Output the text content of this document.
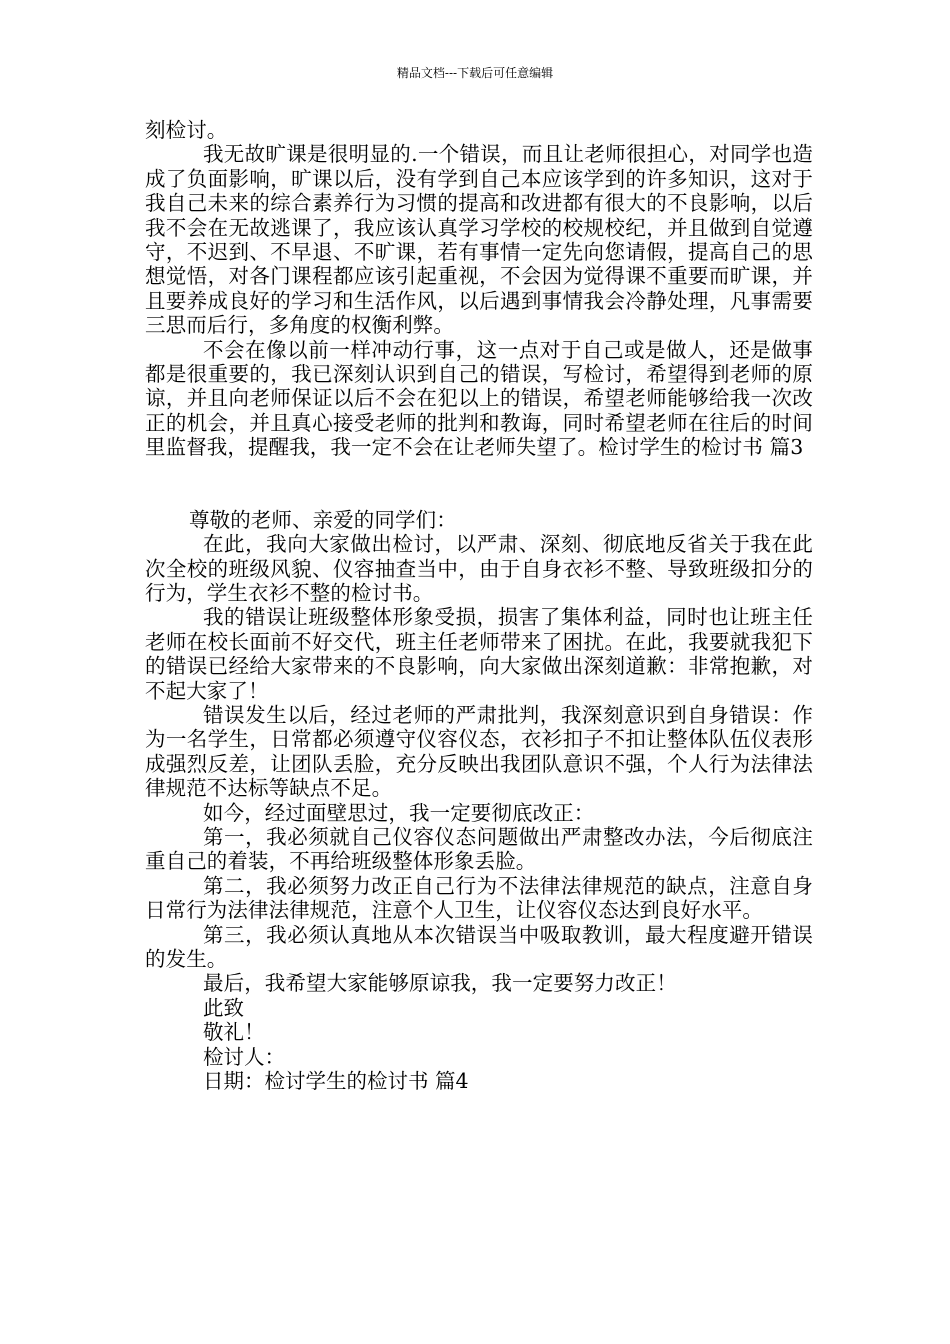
精品文档---下载后可任意编辑

刻检讨。

我无故旷课是很明显的.一个错误，而且让老师很担心，对同学也造成了负面影响，旷课以后，没有学到自己本应该学到的许多知识，这对于我自己未来的综合素养行为习惯的提高和改进都有很大的不良影响，以后我不会在无故逃课了，我应该认真学习学校的校规校纪，并且做到自觉遵守，不迟到、不早退、不旷课，若有事情一定先向您请假，提高自己的思想觉悟，对各门课程都应该引起重视，不会因为觉得课不重要而旷课，并且要养成良好的学习和生活作风，以后遇到事情我会冷静处理，凡事需要三思而后行，多角度的权衡利弊。

不会在像以前一样冲动行事，这一点对于自己或是做人，还是做事都是很重要的，我已深刻认识到自己的错误，写检讨，希望得到老师的原谅，并且向老师保证以后不会在犯以上的错误，希望老师能够给我一次改正的机会，并且真心接受老师的批判和教诲，同时希望老师在往后的时间里监督我，提醒我，我一定不会在让老师失望了。检讨学生的检讨书 篇3

尊敬的老师、亲爱的同学们：

在此，我向大家做出检讨，以严肃、深刻、彻底地反省关于我在此次全校的班级风貌、仪容抽查当中，由于自身衣衫不整、导致班级扣分的行为，学生衣衫不整的检讨书。

我的错误让班级整体形象受损，损害了集体利益，同时也让班主任老师在校长面前不好交代，班主任老师带来了困扰。在此，我要就我犯下的错误已经给大家带来的不良影响，向大家做出深刻道歉：非常抱歉，对不起大家了！

错误发生以后，经过老师的严肃批判，我深刻意识到自身错误：作为一名学生，日常都必须遵守仪容仪态，衣衫扣子不扣让整体队伍仪表形成强烈反差，让团队丢脸，充分反映出我团队意识不强，个人行为法律法律规范不达标等缺点不足。

如今，经过面壁思过，我一定要彻底改正：

第一，我必须就自己仪容仪态问题做出严肃整改办法，今后彻底注重自己的着装，不再给班级整体形象丢脸。

第二，我必须努力改正自己行为不法律法律规范的缺点，注意自身日常行为法律法律规范，注意个人卫生，让仪容仪态达到良好水平。

第三，我必须认真地从本次错误当中吸取教训，最大程度避开错误的发生。

最后，我希望大家能够原谅我，我一定要努力改正！

此致

敬礼！

检讨人：

日期：检讨学生的检讨书 篇4
